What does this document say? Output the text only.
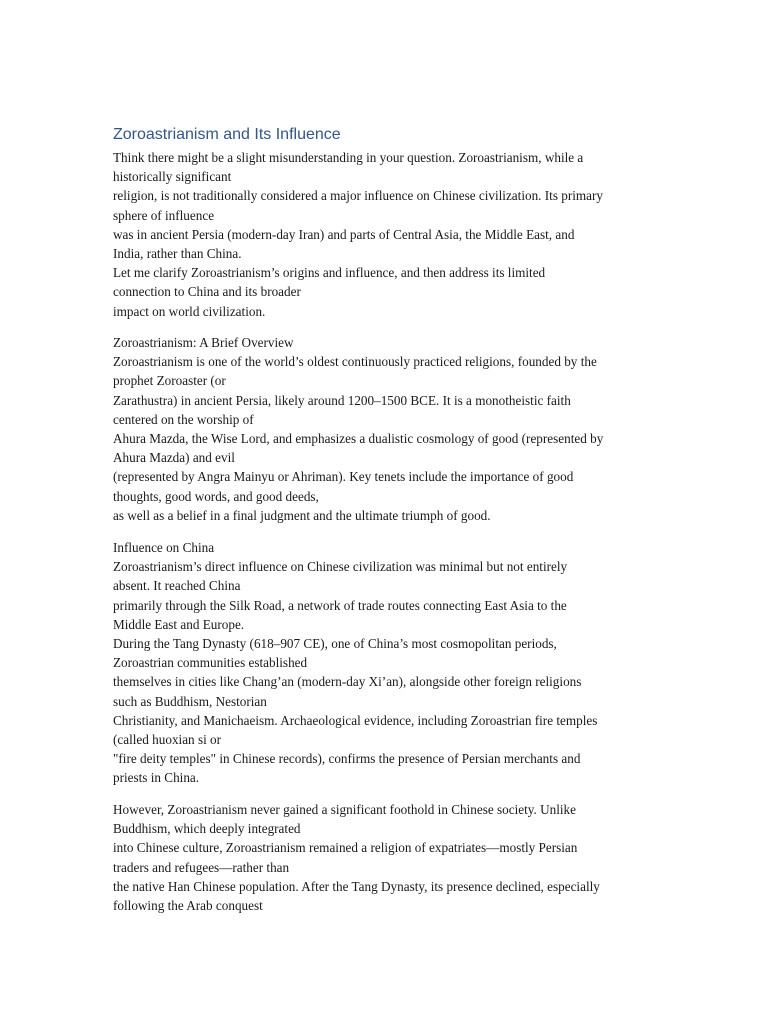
Zoroastrianism and Its Influence
Think there might be a slight misunderstanding in your question. Zoroastrianism, while a
historically significant
religion, is not traditionally considered a major influence on Chinese civilization. Its primary
sphere of influence
was in ancient Persia (modern-day Iran) and parts of Central Asia, the Middle East, and
India, rather than China.
Let me clarify Zoroastrianism’s origins and influence, and then address its limited
connection to China and its broader
impact on world civilization.
Zoroastrianism: A Brief Overview
Zoroastrianism is one of the world’s oldest continuously practiced religions, founded by the
prophet Zoroaster (or
Zarathustra) in ancient Persia, likely around 1200–1500 BCE. It is a monotheistic faith
centered on the worship of
Ahura Mazda, the Wise Lord, and emphasizes a dualistic cosmology of good (represented by
Ahura Mazda) and evil
(represented by Angra Mainyu or Ahriman). Key tenets include the importance of good
thoughts, good words, and good deeds,
as well as a belief in a final judgment and the ultimate triumph of good.
Influence on China
Zoroastrianism’s direct influence on Chinese civilization was minimal but not entirely
absent. It reached China
primarily through the Silk Road, a network of trade routes connecting East Asia to the
Middle East and Europe.
During the Tang Dynasty (618–907 CE), one of China’s most cosmopolitan periods,
Zoroastrian communities established
themselves in cities like Chang’an (modern-day Xi’an), alongside other foreign religions
such as Buddhism, Nestorian
Christianity, and Manichaeism. Archaeological evidence, including Zoroastrian fire temples
(called huoxian si or
"fire deity temples" in Chinese records), confirms the presence of Persian merchants and
priests in China.
However, Zoroastrianism never gained a significant foothold in Chinese society. Unlike
Buddhism, which deeply integrated
into Chinese culture, Zoroastrianism remained a religion of expatriates—mostly Persian
traders and refugees—rather than
the native Han Chinese population. After the Tang Dynasty, its presence declined, especially
following the Arab conquest
